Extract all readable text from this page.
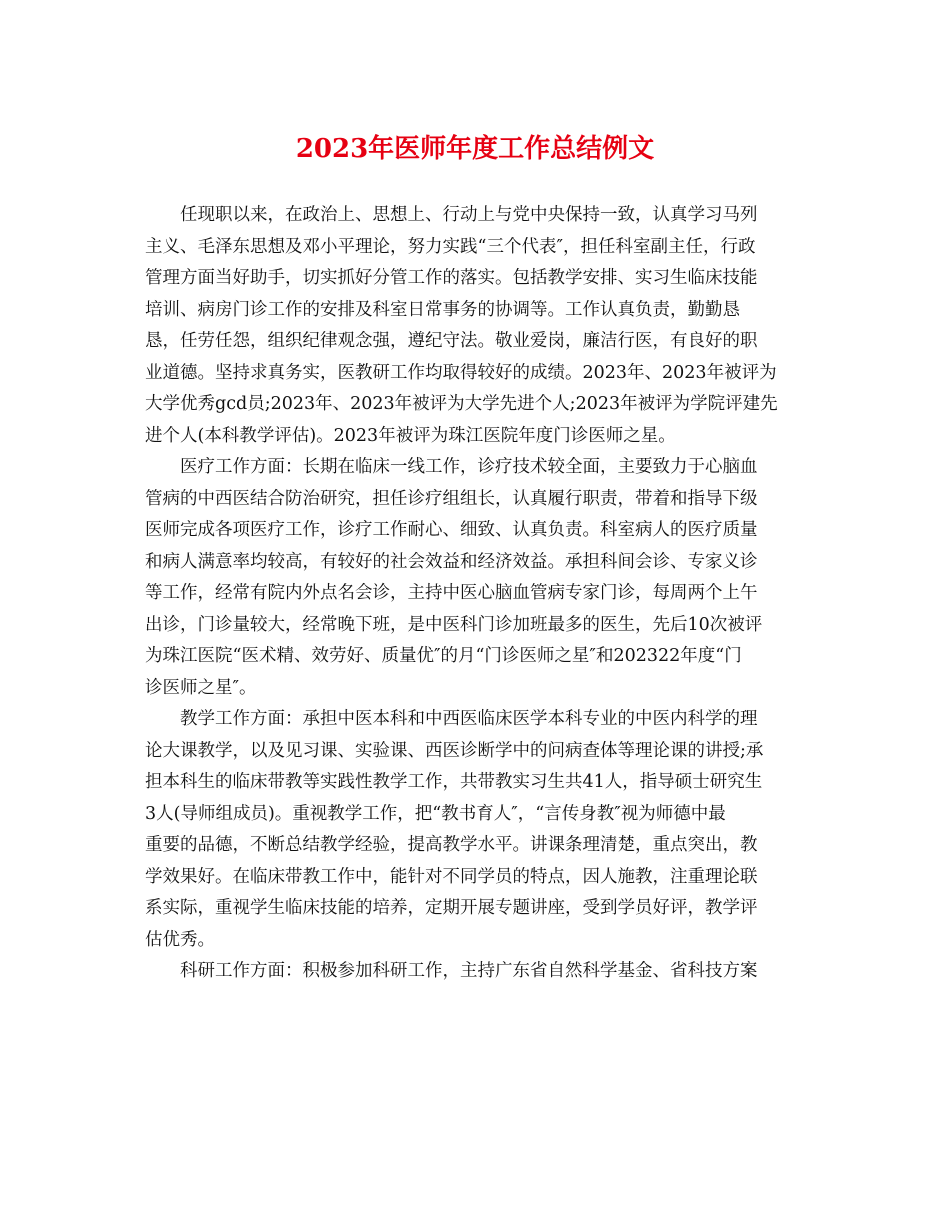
2023年医师年度工作总结例文
任现职以来，在政治上、思想上、行动上与党中央保持一致，认真学习马列
主义、毛泽东思想及邓小平理论，努力实践“三个代表″，担任科室副主任，行政
管理方面当好助手，切实抓好分管工作的落实。包括教学安排、实习生临床技能
培训、病房门诊工作的安排及科室日常事务的协调等。工作认真负责，勤勤恳
恳，任劳任怨，组织纪律观念强，遵纪守法。敬业爱岗，廉洁行医，有良好的职
业道德。坚持求真务实，医教研工作均取得较好的成绩。2023年、2023年被评为
大学优秀gcd员;2023年、2023年被评为大学先进个人;2023年被评为学院评建先
进个人(本科教学评估)。2023年被评为珠江医院年度门诊医师之星。
医疗工作方面：长期在临床一线工作，诊疗技术较全面，主要致力于心脑血
管病的中西医结合防治研究，担任诊疗组组长，认真履行职责，带着和指导下级
医师完成各项医疗工作，诊疗工作耐心、细致、认真负责。科室病人的医疗质量
和病人满意率均较高，有较好的社会效益和经济效益。承担科间会诊、专家义诊
等工作，经常有院内外点名会诊，主持中医心脑血管病专家门诊，每周两个上午
出诊，门诊量较大，经常晚下班，是中医科门诊加班最多的医生，先后10次被评
为珠江医院“医术精、效劳好、质量优″的月“门诊医师之星″和202322年度“门
诊医师之星″。
教学工作方面：承担中医本科和中西医临床医学本科专业的中医内科学的理
论大课教学，以及见习课、实验课、西医诊断学中的问病查体等理论课的讲授;承
担本科生的临床带教等实践性教学工作，共带教实习生共41人，指导硕士研究生
3人(导师组成员)。重视教学工作，把“教书育人″，“言传身教″视为师德中最
重要的品德，不断总结教学经验，提高教学水平。讲课条理清楚，重点突出，教
学效果好。在临床带教工作中，能针对不同学员的特点，因人施教，注重理论联
系实际，重视学生临床技能的培养，定期开展专题讲座，受到学员好评，教学评
估优秀。
科研工作方面：积极参加科研工作，主持广东省自然科学基金、省科技方案
